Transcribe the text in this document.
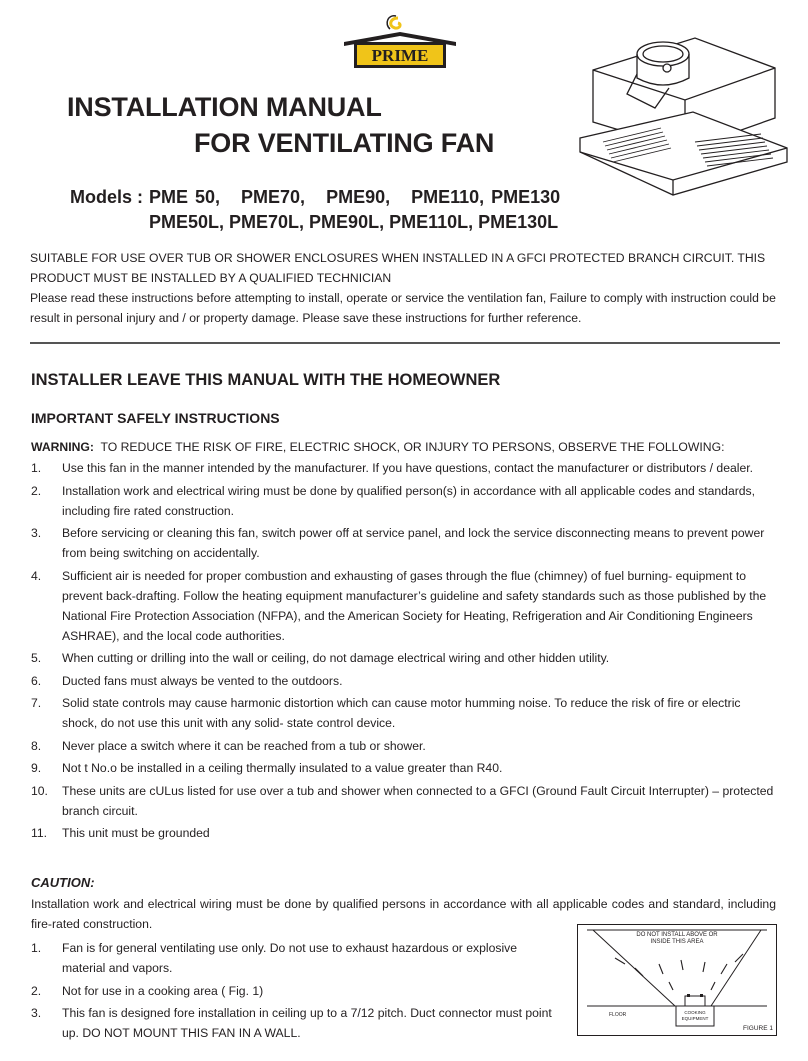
PRIME
INSTALLATION MANUAL
FOR VENTILATING FAN
Models : PME 50,   PME70,   PME90,   PME110, PME130
PME50L, PME70L, PME90L, PME110L, PME130L

SUITABLE FOR USE OVER TUB OR SHOWER ENCLOSURES WHEN INSTALLED IN A GFCI PROTECTED BRANCH CIRCUIT. THIS PRODUCT MUST BE INSTALLED BY A QUALIFIED TECHNICIAN

Please read these instructions before attempting to install, operate or service the ventilation fan, Failure to comply with instruction could be result in personal injury and / or property damage. Please save these instructions for further reference.

INSTALLER LEAVE THIS MANUAL WITH THE HOMEOWNER
IMPORTANT SAFELY INSTRUCTIONS
WARNING:  TO REDUCE THE RISK OF FIRE, ELECTRIC SHOCK, OR INJURY TO PERSONS, OBSERVE THE FOLLOWING:
1. Use this fan in the manner intended by the manufacturer. If you have questions, contact the manufacturer or distributors / dealer.
2. Installation work and electrical wiring must be done by qualified person(s) in accordance with all applicable codes and standards, including fire rated construction.
3. Before servicing or cleaning this fan, switch power off at service panel, and lock the service disconnecting means to prevent power from being switching on accidentally.
4. Sufficient air is needed for proper combustion and exhausting of gases through the flue (chimney) of fuel burning- equipment to prevent back-drafting. Follow the heating equipment manufacturer’s guideline and safety standards such as those published by the National Fire Protection Association (NFPA), and the American Society for Heating, Refrigeration and Air Conditioning Engineers ASHRAE), and the local code authorities.
5. When cutting or drilling into the wall or ceiling, do not damage electrical wiring and other hidden utility.
6. Ducted fans must always be vented to the outdoors.
7. Solid state controls may cause harmonic distortion which can cause motor humming noise. To reduce the risk of fire or electric shock, do not use this unit with any solid- state control device.
8. Never place a switch where it can be reached from a tub or shower.
9. Not t No.o be installed in a ceiling thermally insulated to a value greater than R40.
10. These units are cULus listed for use over a tub and shower when connected to a GFCI (Ground Fault Circuit Interrupter) – protected branch circuit.
11. This unit must be grounded
CAUTION:
Installation work and electrical wiring must be done by qualified persons in accordance with all applicable codes and standard, including fire-rated construction.
1. Fan is for general ventilating use only. Do not use to exhaust hazardous or explosive material and vapors.
2. Not for use in a cooking area ( Fig. 1)
3. This fan is designed fore installation in ceiling up to a 7/12 pitch. Duct connector must point up. DO NOT MOUNT THIS FAN IN A WALL.
DO NOT INSTALL ABOVE OR
INSIDE THIS AREA
FLOOR	COOKING
EQUIPMENT
FIGURE 1
